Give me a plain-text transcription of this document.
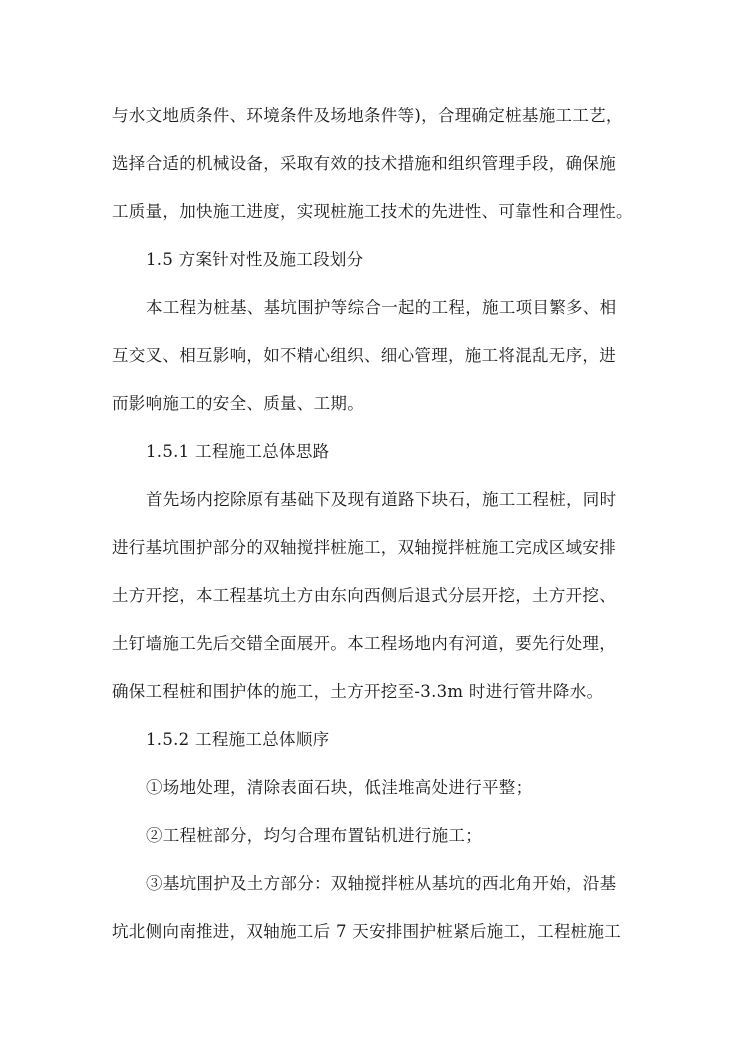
与水文地质条件、环境条件及场地条件等)，合理确定桩基施工工艺，
选择合适的机械设备，采取有效的技术措施和组织管理手段，确保施
工质量，加快施工进度，实现桩施工技术的先进性、可靠性和合理性。
1.5 方案针对性及施工段划分
本工程为桩基、基坑围护等综合一起的工程，施工项目繁多、相
互交叉、相互影响，如不精心组织、细心管理，施工将混乱无序，进
而影响施工的安全、质量、工期。
1.5.1 工程施工总体思路
首先场内挖除原有基础下及现有道路下块石，施工工程桩，同时
进行基坑围护部分的双轴搅拌桩施工，双轴搅拌桩施工完成区域安排
土方开挖，本工程基坑土方由东向西侧后退式分层开挖，土方开挖、
土钉墙施工先后交错全面展开。本工程场地内有河道，要先行处理，
确保工程桩和围护体的施工，土方开挖至-3.3m 时进行管井降水。
1.5.2 工程施工总体顺序
①场地处理，清除表面石块，低洼堆高处进行平整；
②工程桩部分，均匀合理布置钻机进行施工；
③基坑围护及土方部分：双轴搅拌桩从基坑的西北角开始，沿基
坑北侧向南推进，双轴施工后 7 天安排围护桩紧后施工，工程桩施工
